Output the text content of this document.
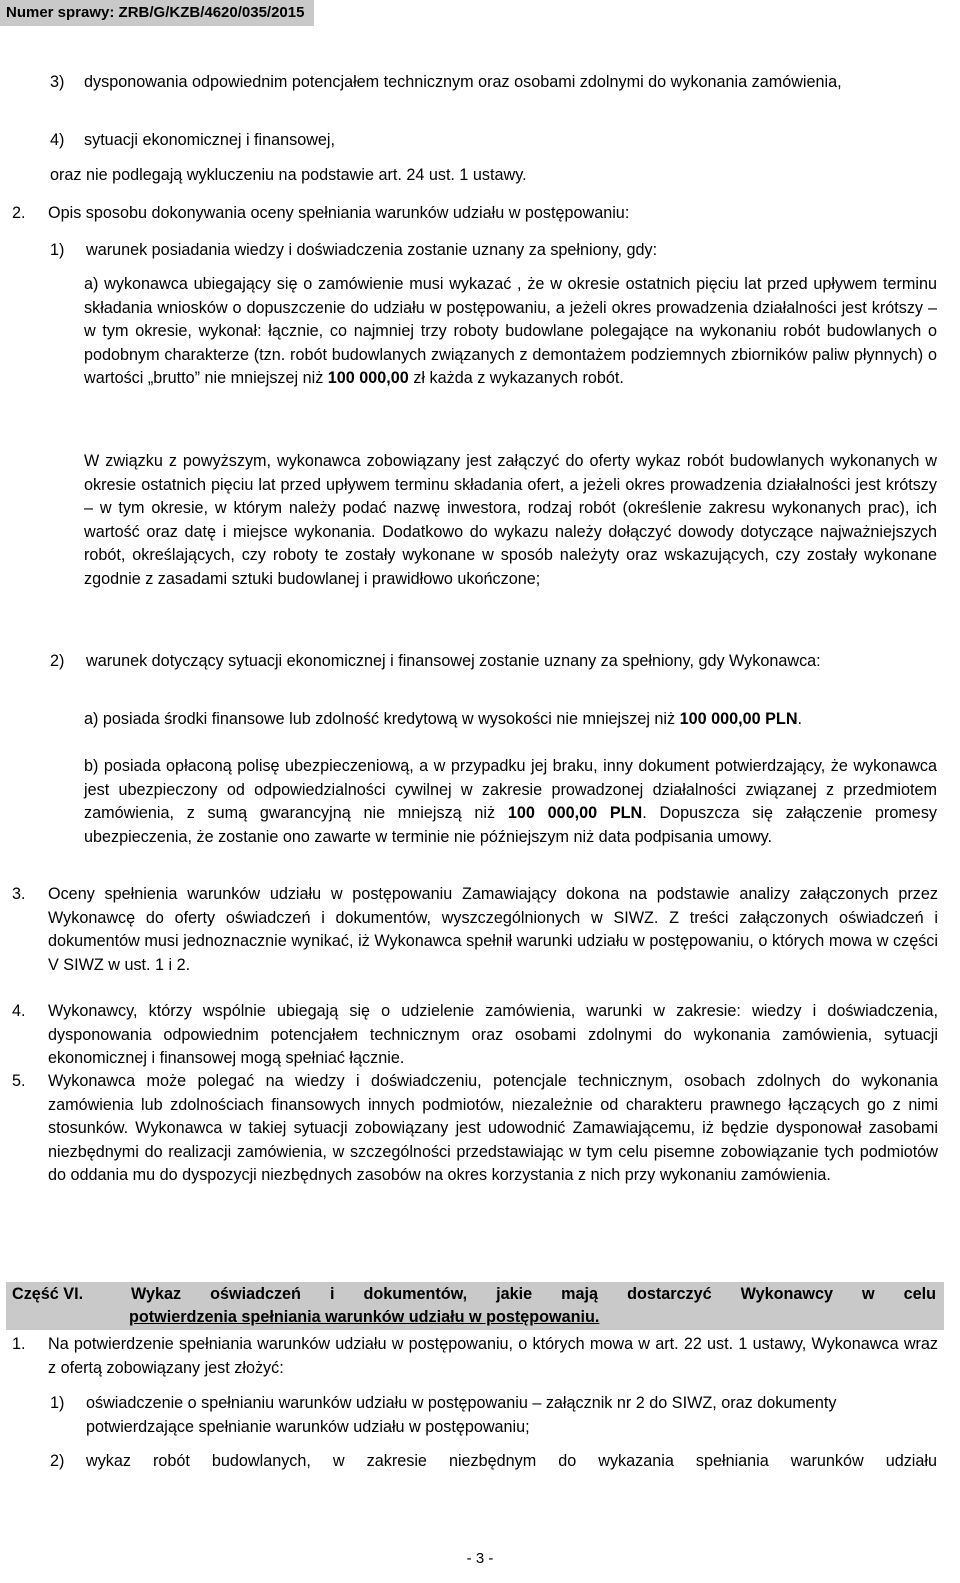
Numer sprawy: ZRB/G/KZB/4620/035/2015
3) dysponowania odpowiednim potencjałem technicznym oraz osobami zdolnymi do wykonania zamówienia,
4) sytuacji ekonomicznej i finansowej,
oraz nie podlegają wykluczeniu na podstawie art. 24 ust. 1 ustawy.
2. Opis sposobu dokonywania oceny spełniania warunków udziału w postępowaniu:
1) warunek posiadania wiedzy i doświadczenia zostanie uznany za spełniony, gdy:
a) wykonawca ubiegający się o zamówienie musi wykazać , że w okresie ostatnich pięciu lat przed upływem terminu składania wniosków o dopuszczenie do udziału w postępowaniu, a jeżeli okres prowadzenia działalności jest krótszy – w tym okresie, wykonał: łącznie, co najmniej trzy roboty budowlane polegające na wykonaniu robót budowlanych o podobnym charakterze (tzn. robót budowlanych związanych z demontażem podziemnych zbiorników paliw płynnych) o wartości „brutto” nie mniejszej niż 100 000,00 zł każda z wykazanych robót.
W związku z powyższym, wykonawca zobowiązany jest załączyć do oferty wykaz robót budowlanych wykonanych w okresie ostatnich pięciu lat przed upływem terminu składania ofert, a jeżeli okres prowadzenia działalności jest krótszy – w tym okresie, w którym należy podać nazwę inwestora, rodzaj robót (określenie zakresu wykonanych prac), ich wartość oraz datę i miejsce wykonania. Dodatkowo do wykazu należy dołączyć dowody dotyczące najważniejszych robót, określających, czy roboty te zostały wykonane w sposób należyty oraz wskazujących, czy zostały wykonane zgodnie z zasadami sztuki budowlanej i prawidłowo ukończone;
2) warunek dotyczący sytuacji ekonomicznej i finansowej zostanie uznany za spełniony, gdy Wykonawca:
a) posiada środki finansowe lub zdolność kredytową w wysokości nie mniejszej niż 100 000,00 PLN.
b) posiada opłaconą polisę ubezpieczeniową, a w przypadku jej braku, inny dokument potwierdzający, że wykonawca jest ubezpieczony od odpowiedzialności cywilnej w zakresie prowadzonej działalności związanej z przedmiotem zamówienia, z sumą gwarancyjną nie mniejszą niż 100 000,00 PLN. Dopuszcza się załączenie promesy ubezpieczenia, że zostanie ono zawarte w terminie nie późniejszym niż data podpisania umowy.
3. Oceny spełnienia warunków udziału w postępowaniu Zamawiający dokona na podstawie analizy załączonych przez Wykonawcę do oferty oświadczeń i dokumentów, wyszczególnionych w SIWZ. Z treści załączonych oświadczeń i dokumentów musi jednoznacznie wynikać, iż Wykonawca spełnił warunki udziału w postępowaniu, o których mowa w części V SIWZ w ust. 1 i 2.
4. Wykonawcy, którzy wspólnie ubiegają się o udzielenie zamówienia, warunki w zakresie: wiedzy i doświadczenia, dysponowania odpowiednim potencjałem technicznym oraz osobami zdolnymi do wykonania zamówienia, sytuacji ekonomicznej i finansowej mogą spełniać łącznie.
5. Wykonawca może polegać na wiedzy i doświadczeniu, potencjale technicznym, osobach zdolnych do wykonania zamówienia lub zdolnościach finansowych innych podmiotów, niezależnie od charakteru prawnego łączących go z nimi stosunków. Wykonawca w takiej sytuacji zobowiązany jest udowodnić Zamawiającemu, iż będzie dysponował zasobami niezbędnymi do realizacji zamówienia, w szczególności przedstawiając w tym celu pisemne zobowiązanie tych podmiotów do oddania mu do dyspozycji niezbędnych zasobów na okres korzystania z nich przy wykonaniu zamówienia.
Część VI.	Wykaz oświadczeń i dokumentów, jakie mają dostarczyć Wykonawcy w celu
potwierdzenia spełniania warunków udziału w postępowaniu.
1. Na potwierdzenie spełniania warunków udziału w postępowaniu, o których mowa w art. 22 ust. 1 ustawy, Wykonawca wraz z ofertą zobowiązany jest złożyć:
1) oświadczenie o spełnianiu warunków udziału w postępowaniu – załącznik nr 2 do SIWZ, oraz dokumenty potwierdzające spełnianie warunków udziału w postępowaniu;
2) wykaz robót budowlanych, w zakresie niezbędnym do wykazania spełniania warunków udziału
- 3 -
